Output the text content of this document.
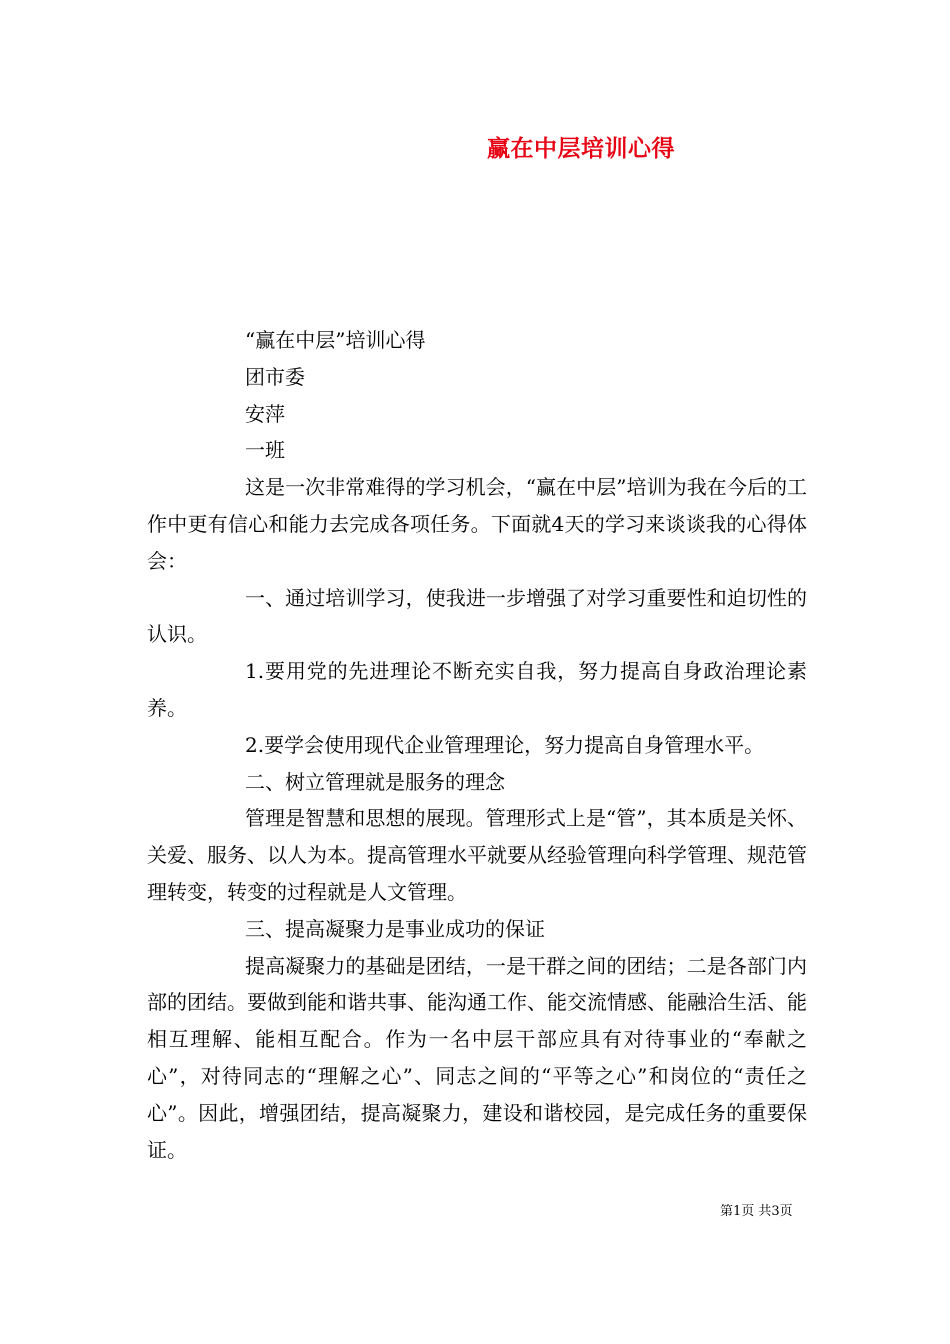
赢在中层培训心得

“赢在中层”培训心得

团市委

安萍

一班

这是一次非常难得的学习机会，“赢在中层”培训为我在今后的工作中更有信心和能力去完成各项任务。下面就4天的学习来谈谈我的心得体会：

一、通过培训学习，使我进一步增强了对学习重要性和迫切性的认识。

1.要用党的先进理论不断充实自我，努力提高自身政治理论素养。

2.要学会使用现代企业管理理论，努力提高自身管理水平。

二、树立管理就是服务的理念

管理是智慧和思想的展现。管理形式上是“管”，其本质是关怀、关爱、服务、以人为本。提高管理水平就要从经验管理向科学管理、规范管理转变，转变的过程就是人文管理。

三、提高凝聚力是事业成功的保证

提高凝聚力的基础是团结，一是干群之间的团结；二是各部门内部的团结。要做到能和谐共事、能沟通工作、能交流情感、能融洽生活、能相互理解、能相互配合。作为一名中层干部应具有对待事业的“奉献之心”，对待同志的“理解之心”、同志之间的“平等之心”和岗位的“责任之心”。因此，增强团结，提高凝聚力，建设和谐校园，是完成任务的重要保证。

第1页 共3页
